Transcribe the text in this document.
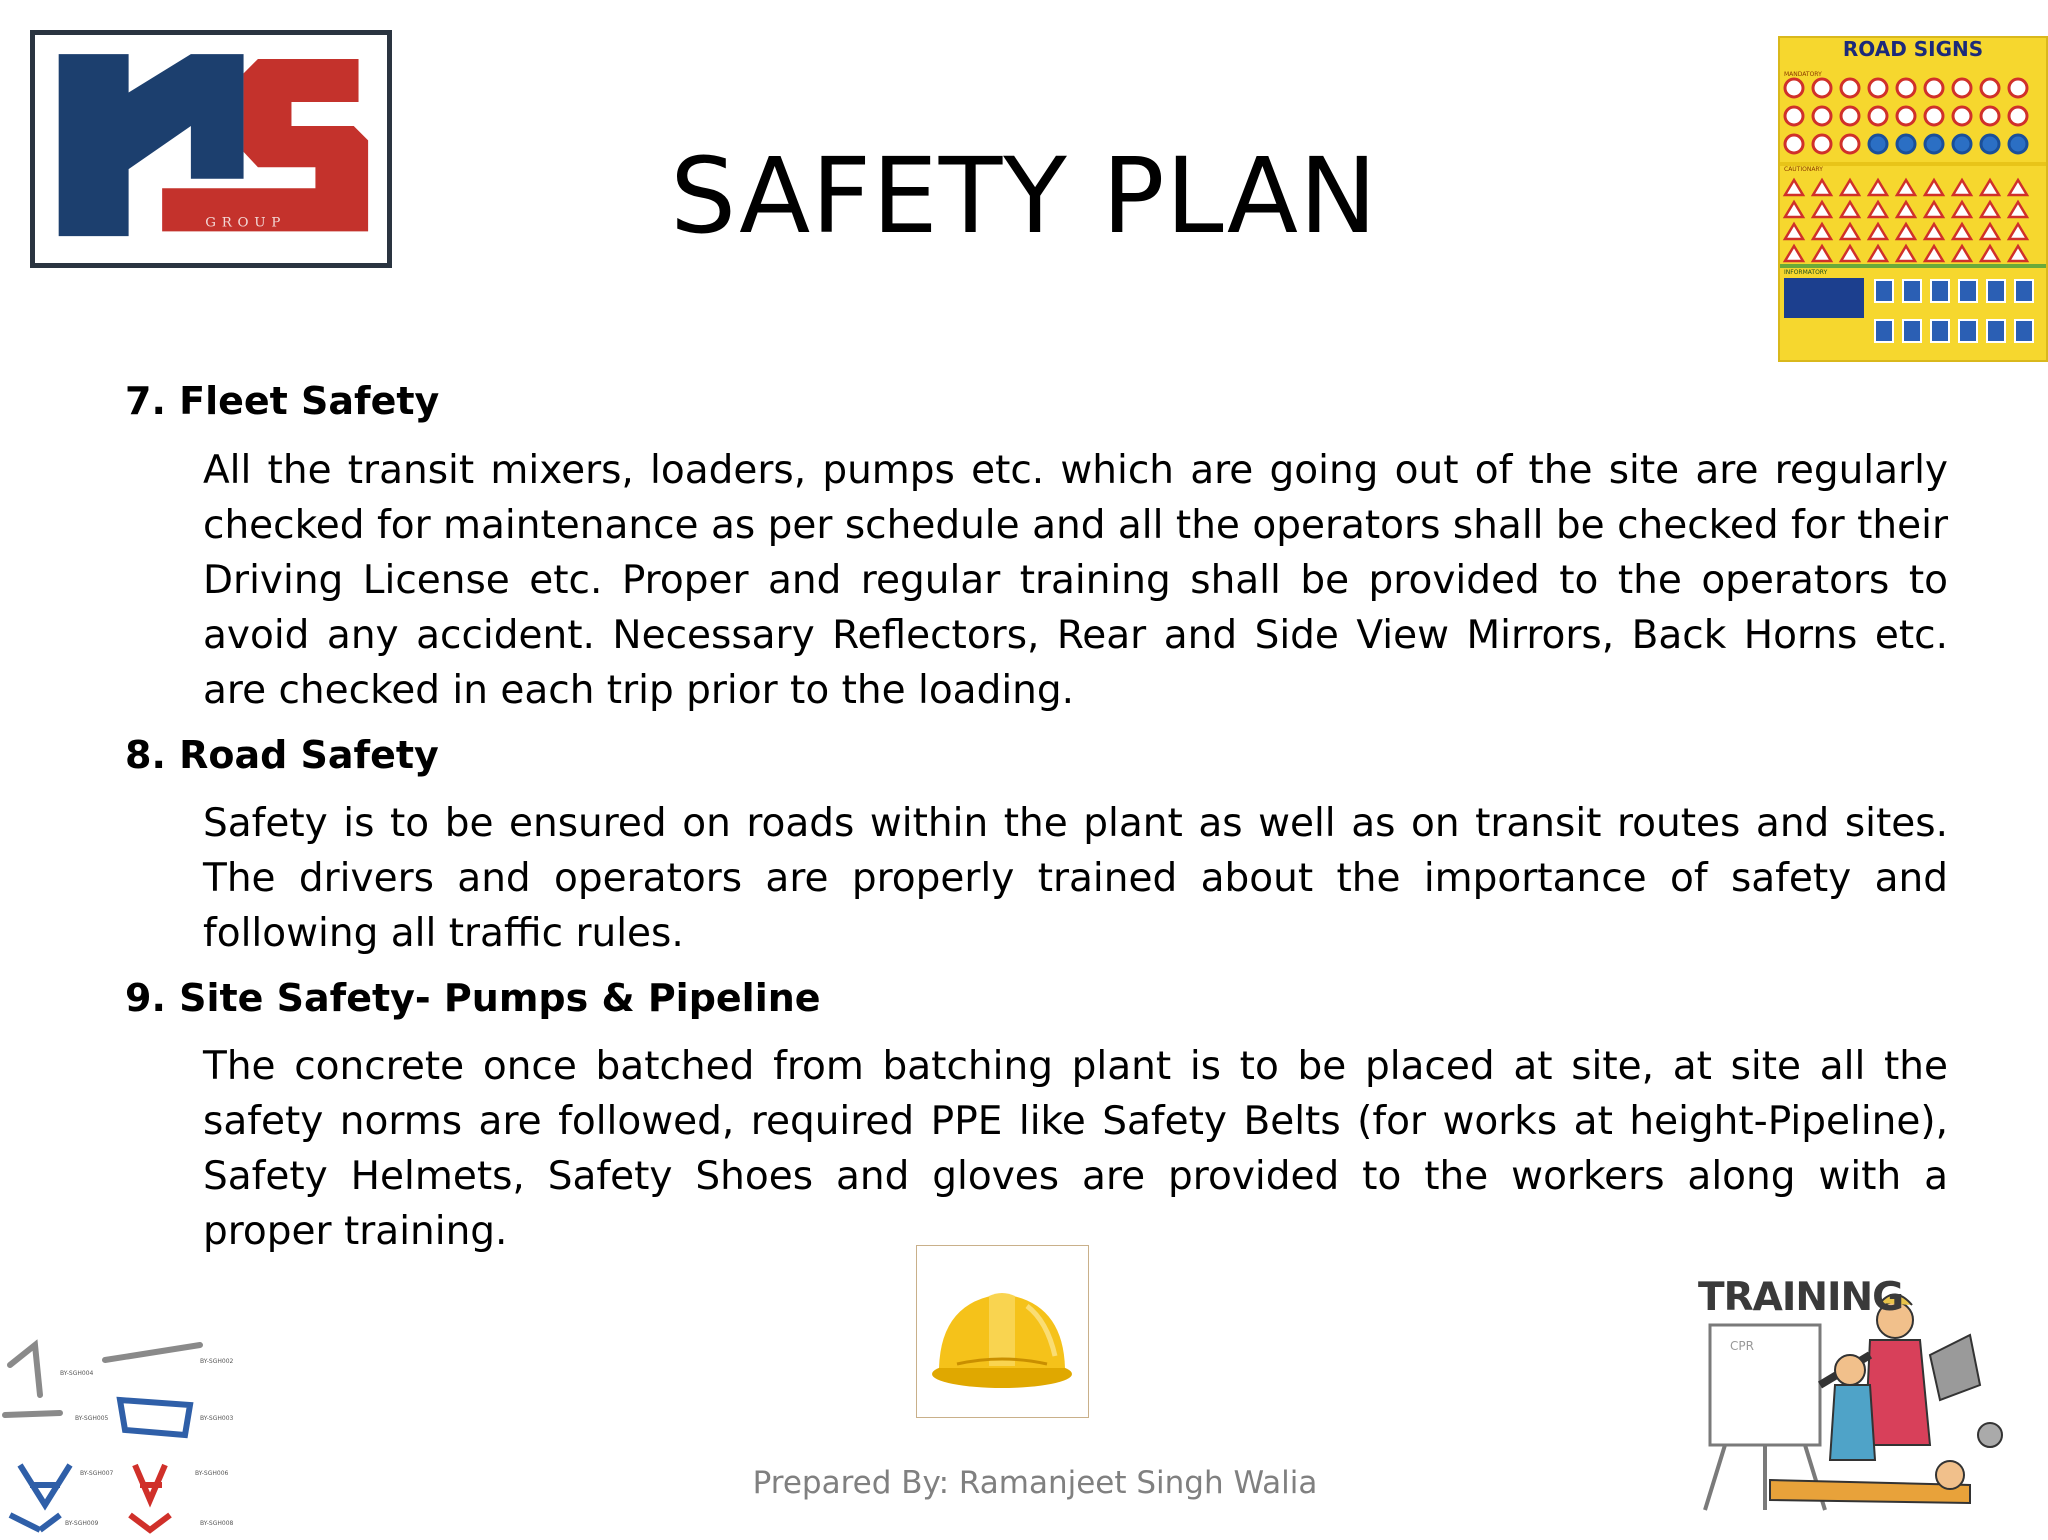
GROUP	SAFETY PLAN
ROAD SIGNS
MANDATORY
CAUTIONARY
INFORMATORY
7. Fleet Safety
All the transit mixers, loaders, pumps etc. which are going out of the site are regularly checked for maintenance as per schedule and all the operators shall be checked for their Driving License etc. Proper and regular training shall be provided to the operators to avoid any accident. Necessary Reflectors, Rear and Side View Mirrors, Back Horns etc. are checked in each trip prior to the loading.
8. Road Safety
Safety is to be ensured on roads within the plant as well as on transit routes and sites. The drivers and operators are properly trained about the importance of safety and following all traffic rules.
9. Site Safety- Pumps & Pipeline
The concrete once batched from batching plant is to be placed at site, at site all the safety norms are followed, required PPE like Safety Belts (for works at height-Pipeline), Safety Helmets, Safety Shoes and gloves are provided to the workers along with a proper training.
BY-SGH004
BY-SGH002
BY-SGH005	BY-SGH003
BY-SGH007	BY-SGH006
BY-SGH009	BY-SGH008
CPR
TRAINING
Prepared By: Ramanjeet Singh Walia
